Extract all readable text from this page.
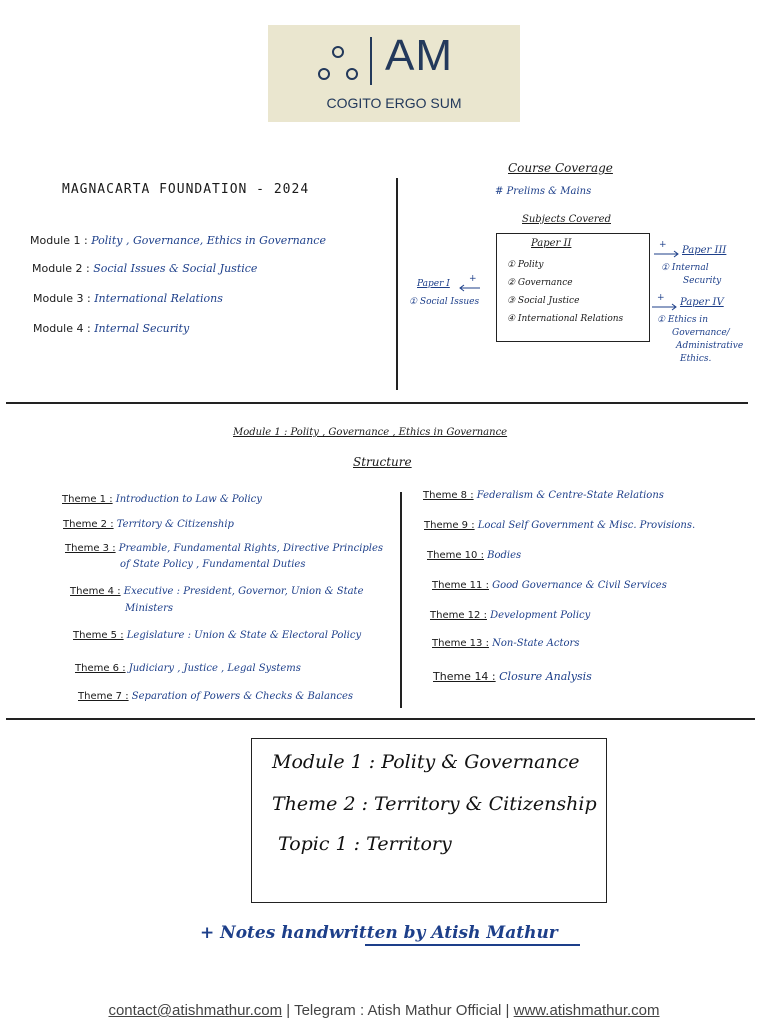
AM
COGITO ERGO SUM
MAGNACARTA FOUNDATION - 2024
Module 1 : Polity , Governance, Ethics in Governance
Module 2 : Social Issues & Social Justice
Module 3 : International Relations
Module 4 : Internal Security
Course Coverage
# Prelims & Mains
Subjects Covered
Paper II
① Polity
② Governance
③ Social Justice
④ International Relations
Paper I +
① Social Issues
+ Paper III
① Internal
Security
+ Paper IV
① Ethics in
Governance/
Administrative
Ethics.
Module 1 : Polity , Governance , Ethics in Governance
Structure
Theme 1 : Introduction to Law & Policy
Theme 2 : Territory & Citizenship
Theme 3 : Preamble, Fundamental Rights, Directive Principles
of State Policy , Fundamental Duties
Theme 4 : Executive : President, Governor, Union & State
Ministers
Theme 5 : Legislature : Union & State & Electoral Policy
Theme 6 : Judiciary , Justice , Legal Systems
Theme 7 : Separation of Powers & Checks & Balances
Theme 8 : Federalism & Centre-State Relations
Theme 9 : Local Self Government & Misc. Provisions.
Theme 10 : Bodies
Theme 11 : Good Governance & Civil Services
Theme 12 : Development Policy
Theme 13 : Non-State Actors
Theme 14 : Closure Analysis
Module 1 : Polity & Governance
Theme 2 : Territory & Citizenship
Topic 1 : Territory
+ Notes handwritten by Atish Mathur
contact@atishmathur.com | Telegram : Atish Mathur Official | www.atishmathur.com
